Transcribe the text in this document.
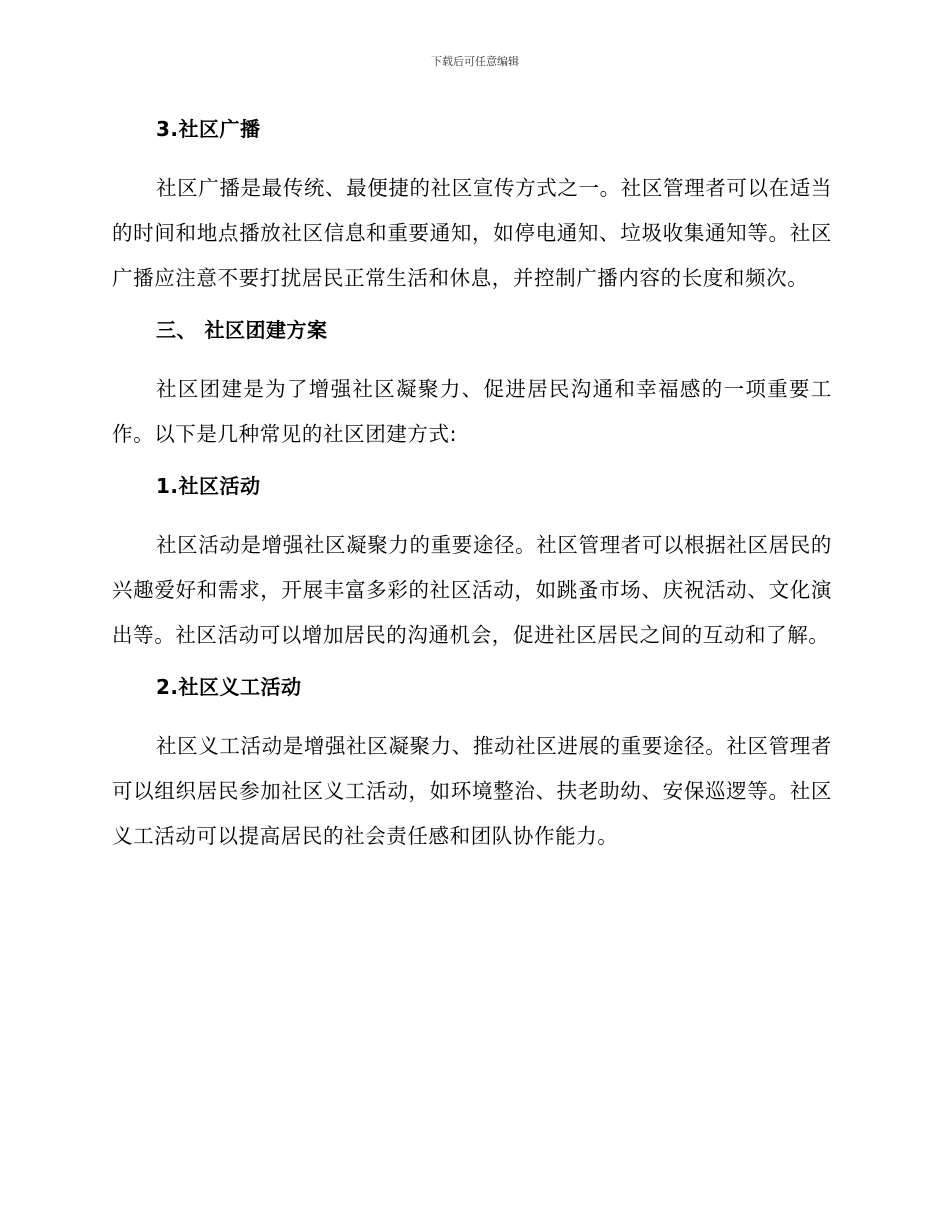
下载后可任意编辑
3.社区广播

社区广播是最传统、最便捷的社区宣传方式之一。社区管理者可以在适当的时间和地点播放社区信息和重要通知，如停电通知、垃圾收集通知等。社区广播应注意不要打扰居民正常生活和休息，并控制广播内容的长度和频次。

三、 社区团建方案

社区团建是为了增强社区凝聚力、促进居民沟通和幸福感的一项重要工作。以下是几种常见的社区团建方式:

1.社区活动

社区活动是增强社区凝聚力的重要途径。社区管理者可以根据社区居民的兴趣爱好和需求，开展丰富多彩的社区活动，如跳蚤市场、庆祝活动、文化演出等。社区活动可以增加居民的沟通机会，促进社区居民之间的互动和了解。

2.社区义工活动

社区义工活动是增强社区凝聚力、推动社区进展的重要途径。社区管理者可以组织居民参加社区义工活动，如环境整治、扶老助幼、安保巡逻等。社区义工活动可以提高居民的社会责任感和团队协作能力。
